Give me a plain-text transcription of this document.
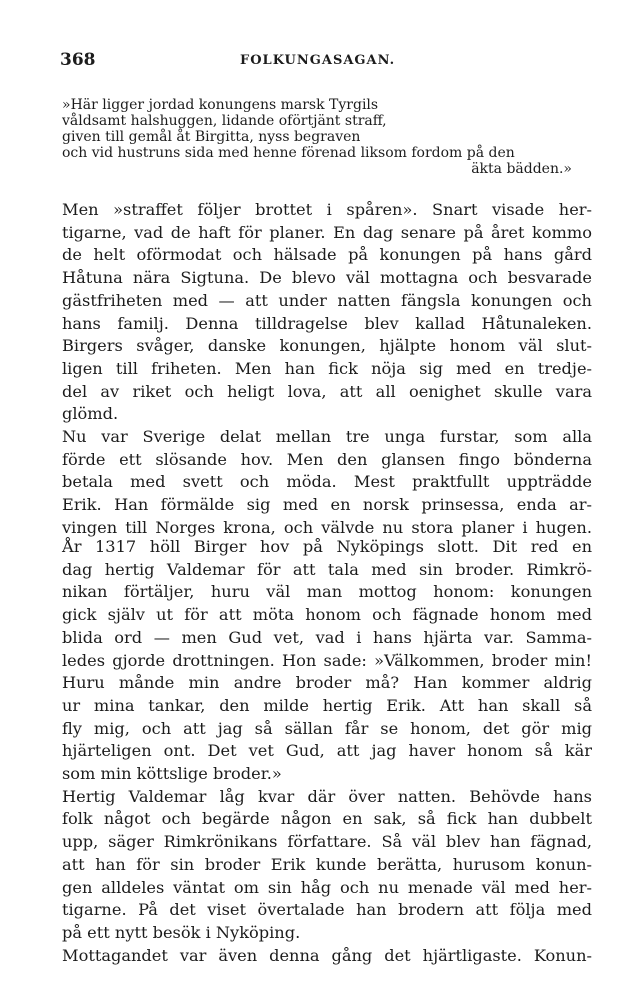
368	FOLKUNGASAGAN.
»Här ligger jordad konungens marsk Tyrgils
våldsamt halshuggen, lidande oförtjänt straff,
given till gemål åt Birgitta, nyss begraven
och vid hustruns sida med henne förenad liksom fordom på den
äkta bädden.»
Men »straffet följer brottet i spåren». Snart visade her-
tigarne, vad de haft för planer. En dag senare på året kommo
de helt oförmodat och hälsade på konungen på hans gård
Håtuna nära Sigtuna. De blevo väl mottagna och besvarade
gästfriheten med — att under natten fängsla konungen och
hans familj. Denna tilldragelse blev kallad Håtunaleken.
Birgers svåger, danske konungen, hjälpte honom väl slut-
ligen till friheten. Men han fick nöja sig med en tredje-
del av riket och heligt lova, att all oenighet skulle vara
glömd.
Nu var Sverige delat mellan tre unga furstar, som alla
förde ett slösande hov. Men den glansen fingo bönderna
betala med svett och möda. Mest praktfullt uppträdde
Erik. Han förmälde sig med en norsk prinsessa, enda ar-
vingen till Norges krona, och välvde nu stora planer i hugen.
År 1317 höll Birger hov på Nyköpings slott. Dit red en
dag hertig Valdemar för att tala med sin broder. Rimkrö-
nikan förtäljer, huru väl man mottog honom: konungen
gick själv ut för att möta honom och fägnade honom med
blida ord — men Gud vet, vad i hans hjärta var. Samma-
ledes gjorde drottningen. Hon sade: »Välkommen, broder min!
Huru månde min andre broder må? Han kommer aldrig
ur mina tankar, den milde hertig Erik. Att han skall så
fly mig, och att jag så sällan får se honom, det gör mig
hjärteligen ont. Det vet Gud, att jag haver honom så kär
som min köttslige broder.»
Hertig Valdemar låg kvar där över natten. Behövde hans
folk något och begärde någon en sak, så fick han dubbelt
upp, säger Rimkrönikans författare. Så väl blev han fägnad,
att han för sin broder Erik kunde berätta, hurusom konun-
gen alldeles väntat om sin håg och nu menade väl med her-
tigarne. På det viset övertalade han brodern att följa med
på ett nytt besök i Nyköping.
Mottagandet var även denna gång det hjärtligaste. Konun-
